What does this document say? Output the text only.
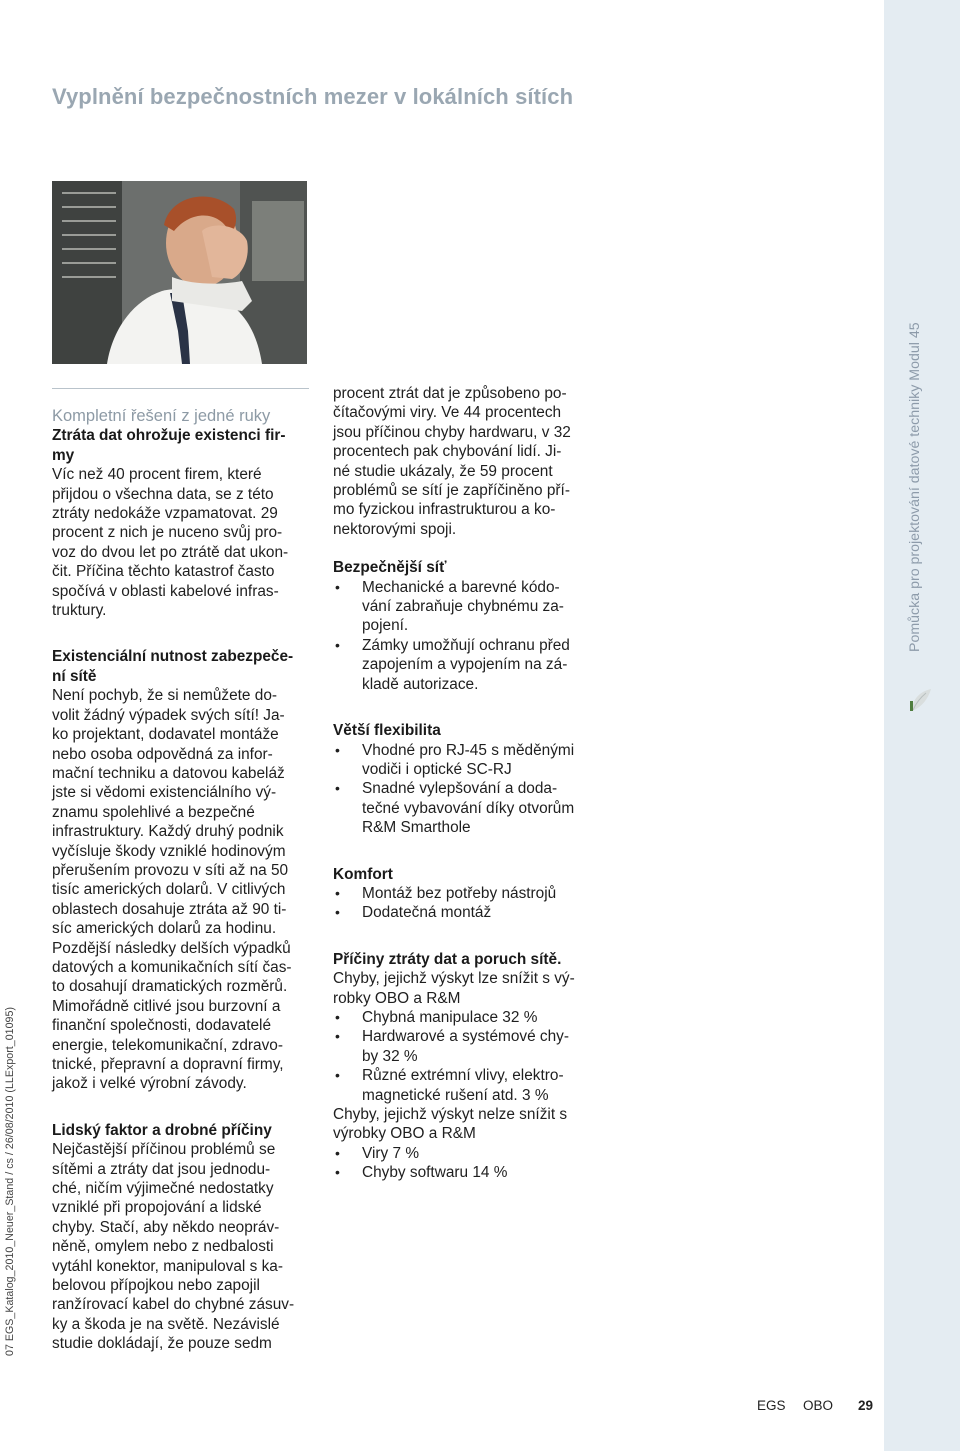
Pomůcka pro projektování datové techniky Modul 45
07 EGS_Katalog_2010_Neuer_Stand / cs / 26/08/2010 (LLExport_01095)
Vyplnění bezpečnostních mezer v lokálních sítích

Kompletní řešení z jedné ruky

Ztráta dat ohrožuje existenci fir-
my

Víc než 40 procent firem, které
přijdou o všechna data, se z této
ztráty nedokáže vzpamatovat. 29
procent z nich je nuceno svůj pro-
voz do dvou let po ztrátě dat ukon-
čit. Příčina těchto katastrof často
spočívá v oblasti kabelové infras-
truktury.

Existenciální nutnost zabezpeče-
ní sítě

Není pochyb, že si nemůžete do-
volit žádný výpadek svých sítí! Ja-
ko projektant, dodavatel montáže
nebo osoba odpovědná za infor-
mační techniku a datovou kabeláž
jste si vědomi existenciálního vý-
znamu spolehlivé a bezpečné
infrastruktury. Každý druhý podnik
vyčísluje škody vzniklé hodinovým
přerušením provozu v síti až na 50
tisíc amerických dolarů. V citlivých
oblastech dosahuje ztráta až 90 ti-
síc amerických dolarů za hodinu.
Pozdější následky delších výpadků
datových a komunikačních sítí čas-
to dosahují dramatických rozměrů.
Mimořádně citlivé jsou burzovní a
finanční společnosti, dodavatelé
energie, telekomunikační, zdravo-
tnické, přepravní a dopravní firmy,
jakož i velké výrobní závody.

Lidský faktor a drobné příčiny

Nejčastější příčinou problémů se
sítěmi a ztráty dat jsou jednodu-
ché, ničím výjimečné nedostatky
vzniklé při propojování a lidské
chyby. Stačí, aby někdo neopráv-
něně, omylem nebo z nedbalosti
vytáhl konektor, manipuloval s ka-
belovou přípojkou nebo zapojil
ranžírovací kabel do chybné zásuv-
ky a škoda je na světě. Nezávislé
studie dokládají, že pouze sedm

procent ztrát dat je způsobeno po-
čítačovými viry. Ve 44 procentech
jsou příčinou chyby hardwaru, v 32
procentech pak chybování lidí. Ji-
né studie ukázaly, že 59 procent
problémů se sítí je zapříčiněno pří-
mo fyzickou infrastrukturou a ko-
nektorovými spoji.

Bezpečnější síť

• Mechanické a barevné kódo-
vání zabraňuje chybnému za-
pojení.
• Zámky umožňují ochranu před
zapojením a vypojením na zá-
kladě autorizace.

Větší flexibilita

• Vhodné pro RJ-45 s měděnými
vodiči i optické SC-RJ
• Snadné vylepšování a doda-
tečné vybavování díky otvorům
R&M Smarthole

Komfort

• Montáž bez potřeby nástrojů
• Dodatečná montáž

Příčiny ztráty dat a poruch sítě.

Chyby, jejichž výskyt lze snížit s vý-
robky OBO a R&M

• Chybná manipulace 32 %
• Hardwarové a systémové chy-
by 32 %
• Různé extrémní vlivy, elektro-
magnetické rušení atd. 3 %

Chyby, jejichž výskyt nelze snížit s
výrobky OBO a R&M

• Viry 7 %
• Chyby softwaru 14 %
EGS OBO 29
